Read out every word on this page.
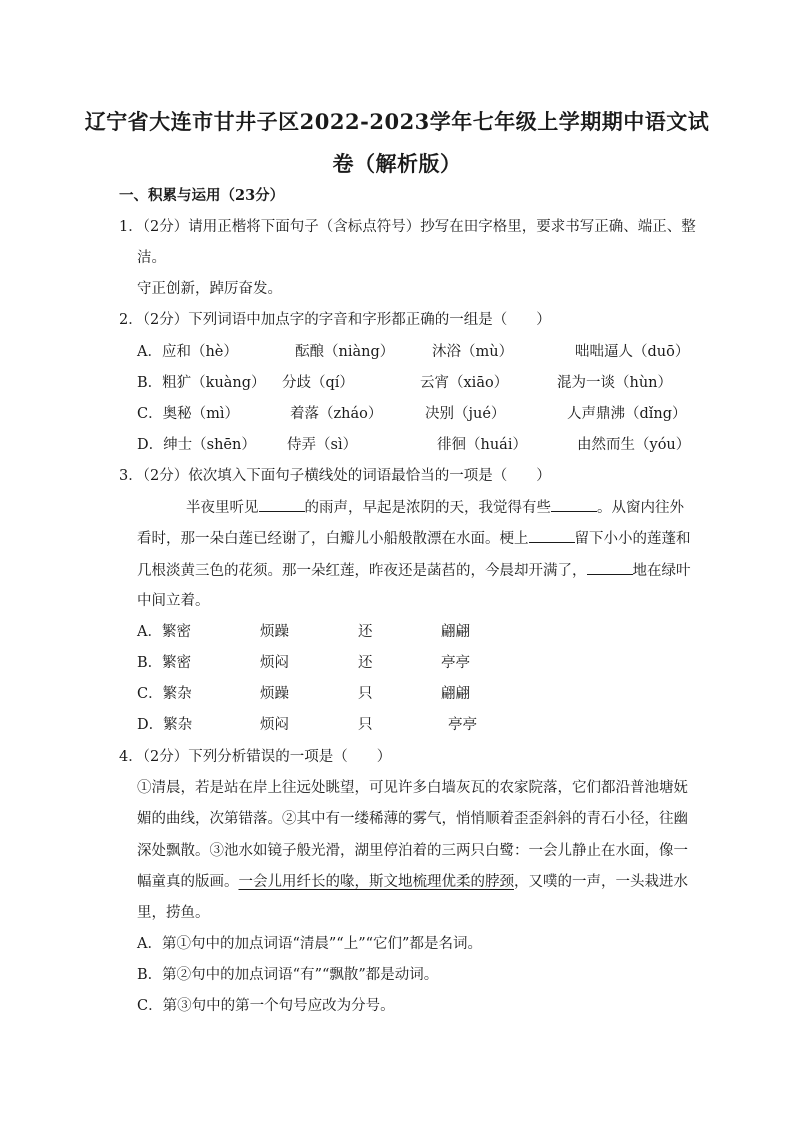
辽宁省大连市甘井子区2022-2023学年七年级上学期期中语文试
卷（解析版）
一、积累与运用（23分）
1．（2分）请用正楷将下面句子（含标点符号）抄写在田字格里，要求书写正确、端正、整
洁。
守正创新，踔厉奋发。
2．（2分）下列词语中加点字的字音和字形都正确的一组是（　　）
A．应和（hè）	酝酿（niàng）	沐浴（mù）	咄咄逼人（duō）
B．粗犷（kuàng） 分歧（qí）	云宵（xiāo）	混为一谈（hùn）
C．奥秘（mì）	着落（zháo）	决别（jué）	人声鼎沸（dǐng）
D．绅士（shēn） 侍弄（sì）	徘徊（huái）	由然而生（yóu）
3．（2分）依次填入下面句子横线处的词语最恰当的一项是（　　）
半夜里听见	的雨声，早起是浓阴的天，我觉得有些	。从窗内往外
看时，那一朵白莲已经谢了，白瓣儿小船般散漂在水面。梗上	留下小小的莲蓬和
几根淡黄三色的花须。那一朵红莲，昨夜还是菡萏的，今晨却开满了，	地在绿叶
中间立着。
A．繁密	烦躁	还	翩翩
B．繁密	烦闷	还	亭亭
C．繁杂	烦躁	只	翩翩
D．繁杂	烦闷	只	亭亭
4．（2分）下列分析错误的一项是（　　）
①清晨，若是站在岸上往远处眺望，可见许多白墙灰瓦的农家院落，它们都沿普池塘妩
媚的曲线，次第错落。②其中有一缕稀薄的雾气，悄悄顺着歪歪斜斜的青石小径，往幽
深处飘散。③池水如镜子般光滑，湖里停泊着的三两只白鹭：一会儿静止在水面，像一
幅童真的版画。一会儿用纤长的喙，斯文地梳理优柔的脖颈，又噗的一声，一头栽进水
里，捞鱼。
A．第①句中的加点词语“清晨”“上”“它们”都是名词。
B．第②句中的加点词语“有”“飘散”都是动词。
C．第③句中的第一个句号应改为分号。
